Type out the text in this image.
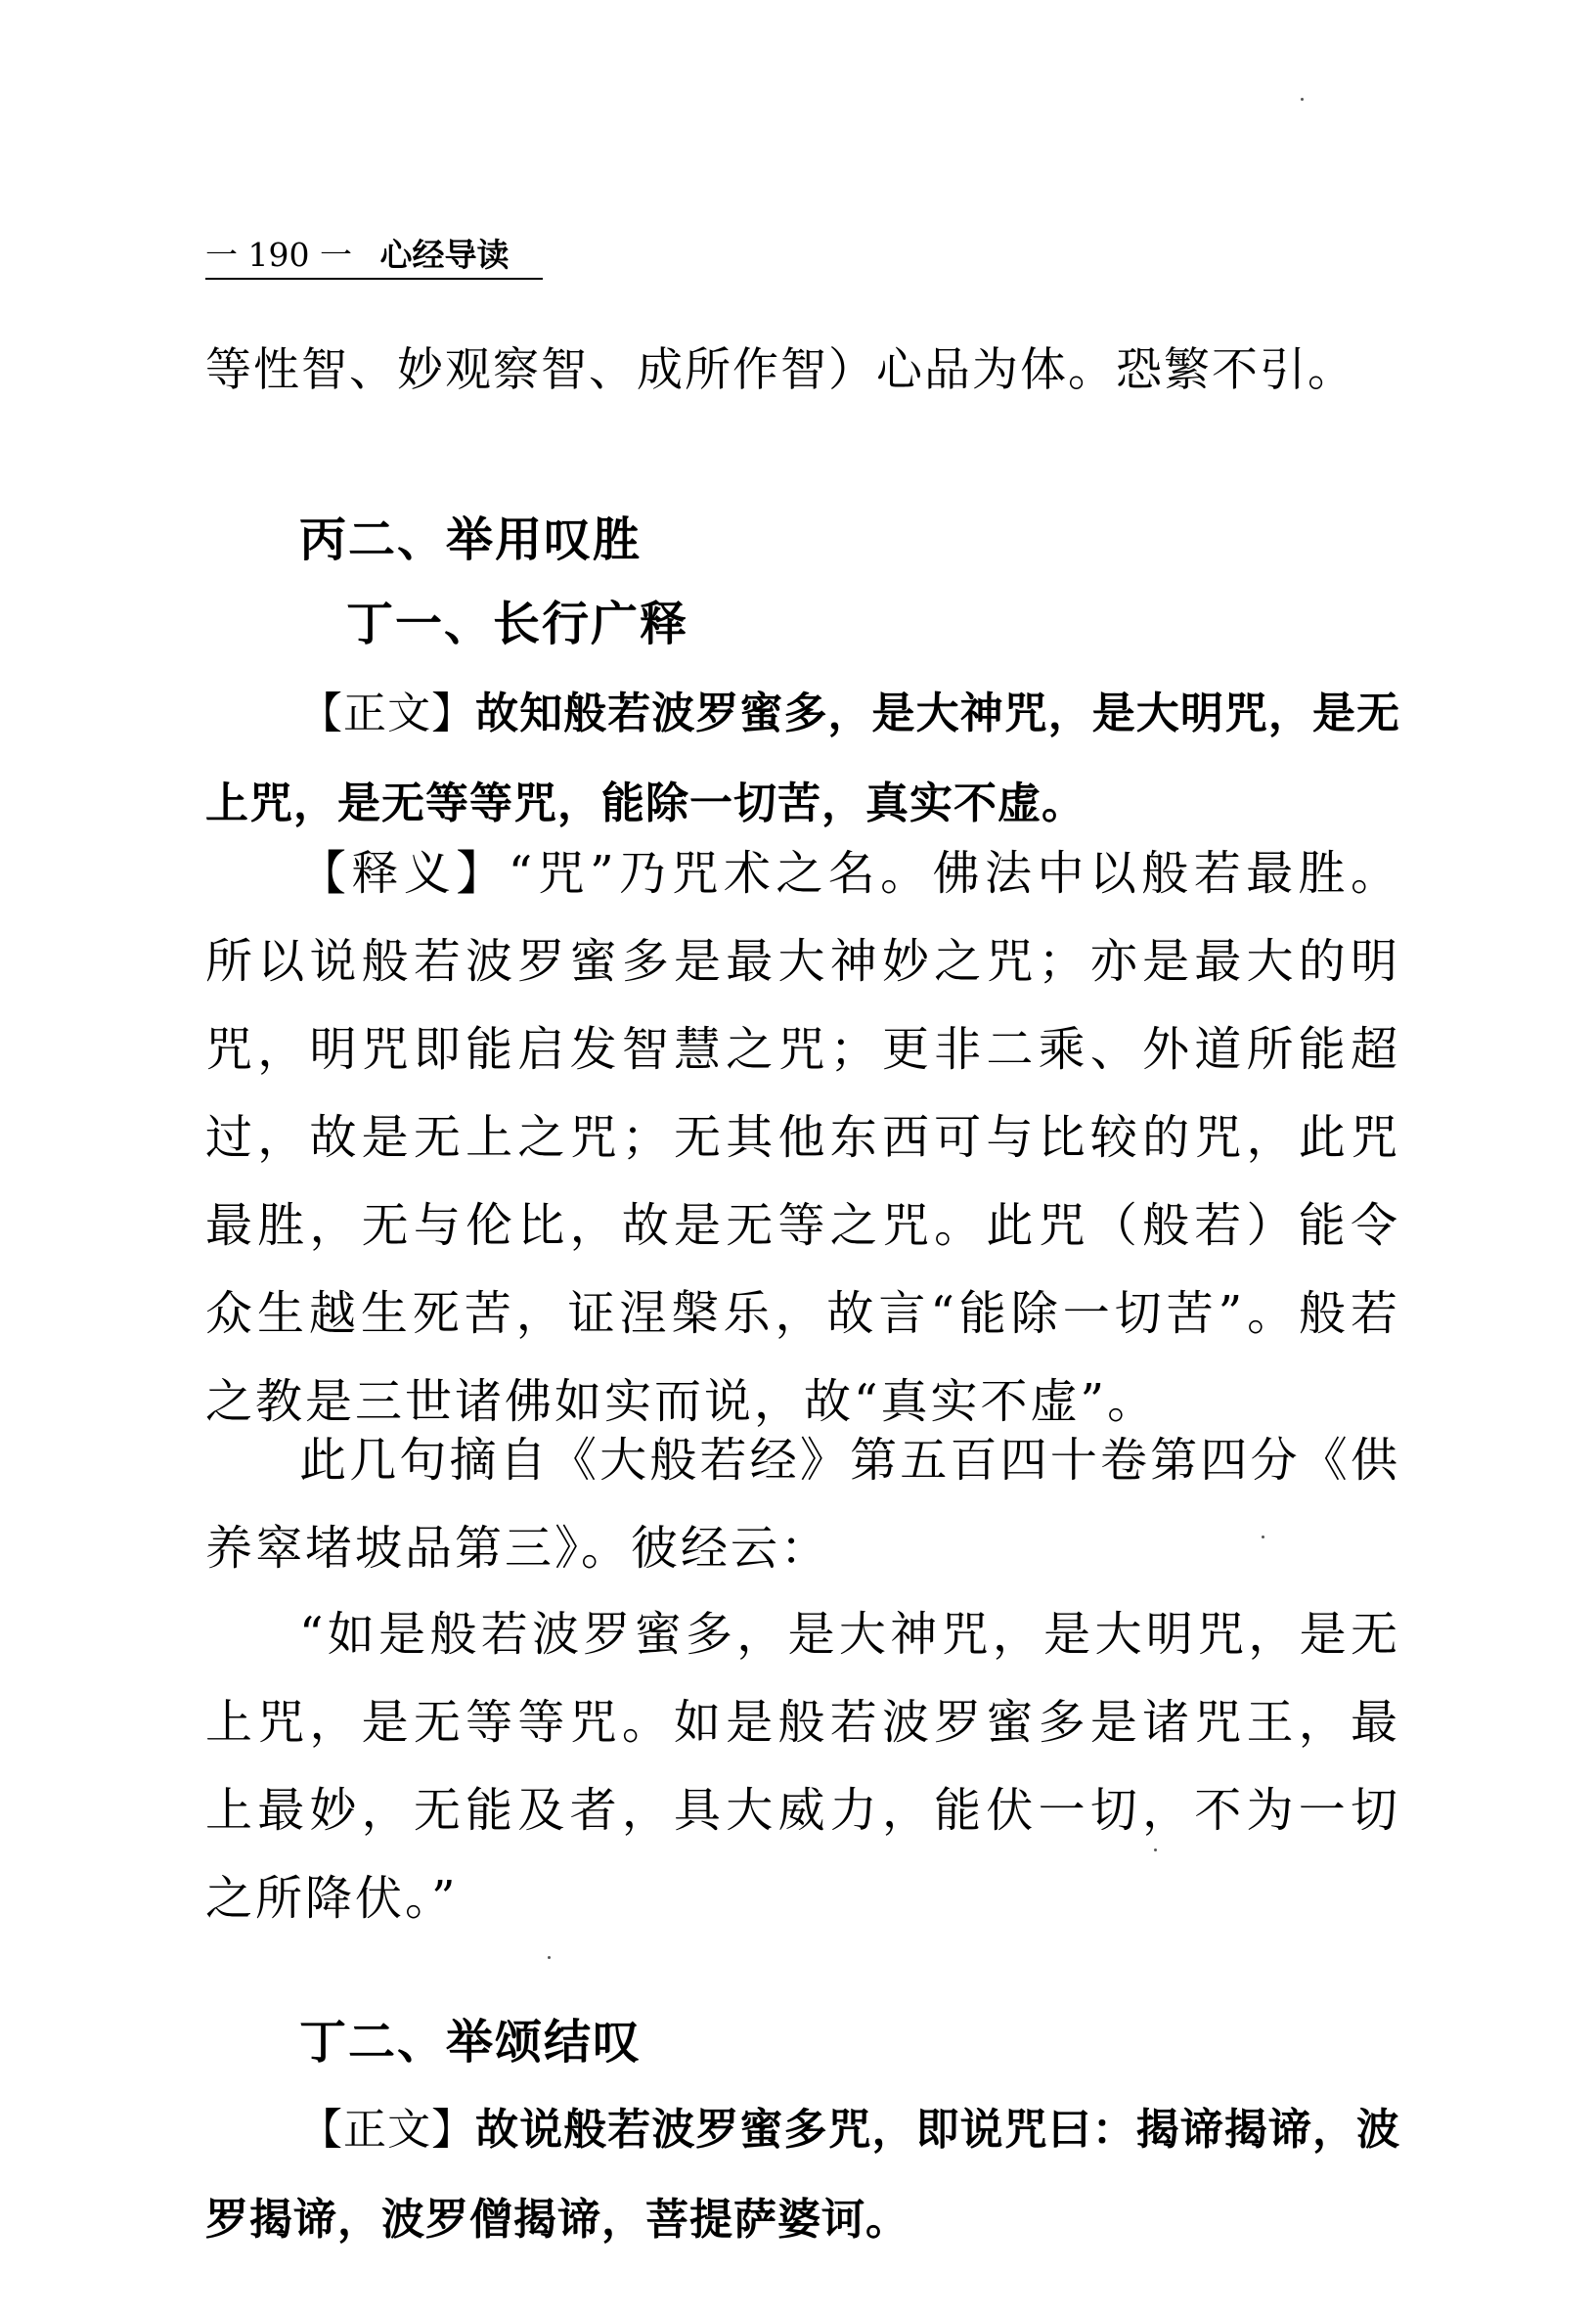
一 190 一 心经导读
等性智、妙观察智、成所作智）心品为体。恐繁不引。
丙二、举用叹胜
丁一、长行广释
【正文】故知般若波罗蜜多，是大神咒，是大明咒，是无上咒，是无等等咒，能除一切苦，真实不虚。
【释义】“咒”乃咒术之名。佛法中以般若最胜。所以说般若波罗蜜多是最大神妙之咒；亦是最大的明咒，明咒即能启发智慧之咒；更非二乘、外道所能超过，故是无上之咒；无其他东西可与比较的咒，此咒最胜，无与伦比，故是无等之咒。此咒（般若）能令众生越生死苦，证涅槃乐，故言“能除一切苦”。般若之教是三世诸佛如实而说，故“真实不虚”。
此几句摘自《大般若经》第五百四十卷第四分《供养窣堵坡品第三》。彼经云：
“如是般若波罗蜜多，是大神咒，是大明咒，是无上咒，是无等等咒。如是般若波罗蜜多是诸咒王，最上最妙，无能及者，具大威力，能伏一切，不为一切之所降伏。”
丁二、举颂结叹
【正文】故说般若波罗蜜多咒，即说咒曰：揭谛揭谛，波罗揭谛，波罗僧揭谛，菩提萨婆诃。
